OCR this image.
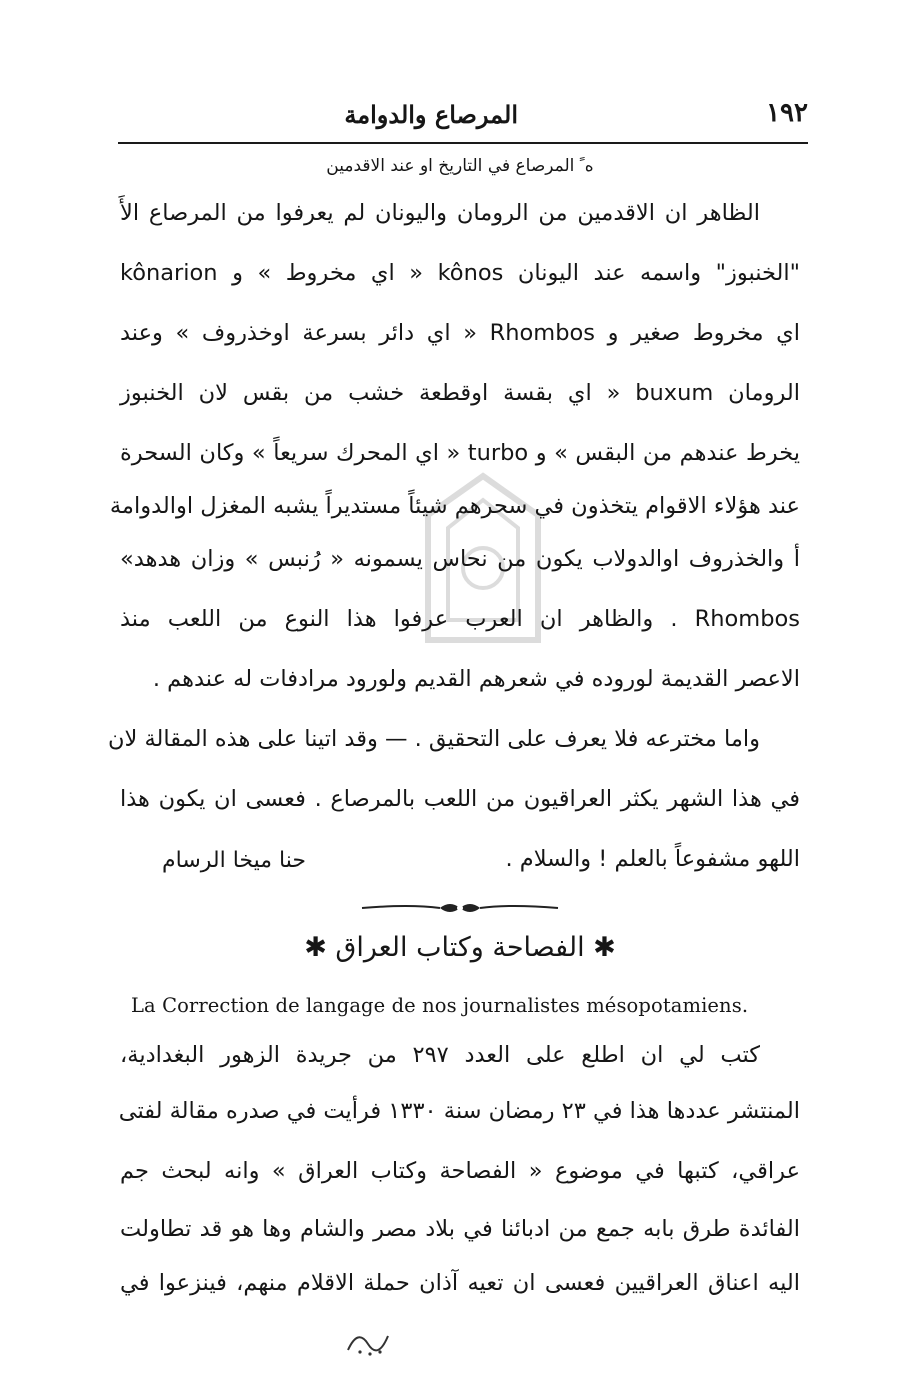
١٩٢
المرصاع والدوامة
ه ً المرصاع في التاريخ او عند الاقدمين
الظاهر ان الاقدمين من الرومان واليونان لم يعرفوا من المرصاع الأَ
"الخنبوز" واسمه عند اليونان kônos « اي مخروط » و kônarion
اي مخروط صغير و Rhombos « اي دائر بسرعة اوخذروف » وعند
الرومان buxum « اي بقسة اوقطعة خشب من بقس لان الخنبوز
يخرط عندهم من البقس » و turbo « اي المحرك سريعاً » وكان السحرة
عند هؤلاء الاقوام يتخذون في سحرهم شيئاً مستديراً يشبه المغزل اوالدوامة
أ والخذروف اوالدولاب يكون من نحاس يسمونه « رُنبس » وزان هدهد»
Rhombos . والظاهر ان العرب عرفوا هذا النوع من اللعب منذ
الاعصر القديمة لوروده في شعرهم القديم ولورود مرادفات له عندهم .
واما مخترعه فلا يعرف على التحقيق . — وقد اتينا على هذه المقالة لان
في هذا الشهر يكثر العراقيون من اللعب بالمرصاع . فعسى ان يكون هذا
اللهو مشفوعاً بالعلم ! والسلام .
حنا ميخا الرسام
✱ الفصاحة وكتاب العراق ✱
La Correction de langage de nos journalistes mésopotamiens.
كتب لي ان اطلع على العدد ٢٩٧ من جريدة الزهور البغدادية،
المنتشر عددها هذا في ٢٣ رمضان سنة ١٣٣٠ فرأيت في صدره مقالة لفتى
عراقي، كتبها في موضوع « الفصاحة وكتاب العراق » وانه لبحث جم
الفائدة طرق بابه جمع من ادبائنا في بلاد مصر والشام وها هو قد تطاولت
اليه اعناق العراقيين فعسى ان تعيه آذان حملة الاقلام منهم، فينزعوا في
